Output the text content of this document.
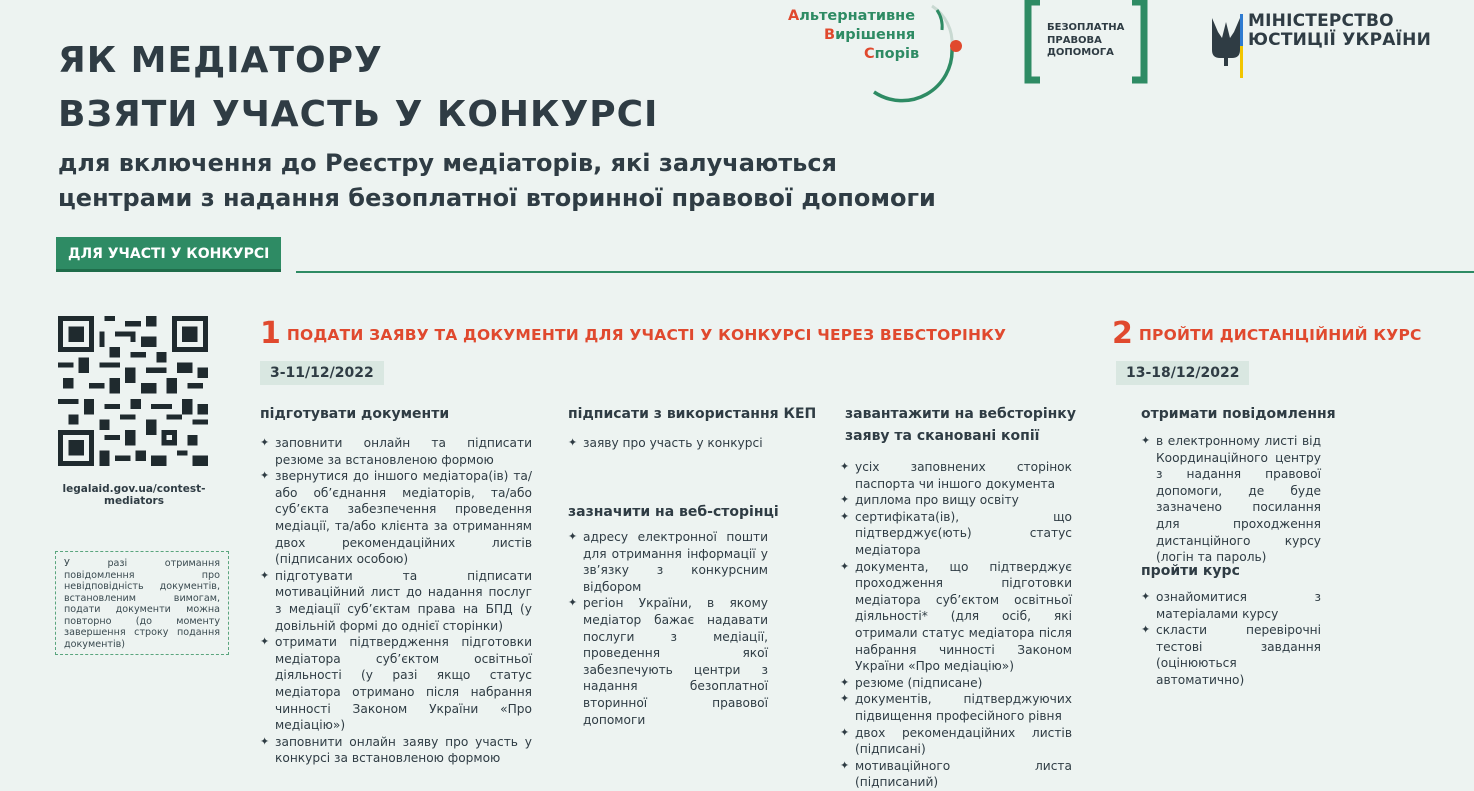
ЯК МЕДІАТОРУ
ВЗЯТИ УЧАСТЬ У КОНКУРСІ
для включення до Реєстру медіаторів, які залучаються
центрами з надання безоплатної вторинної правової допомоги
Альтернативне
Вирішення
Спорів
БЕЗОПЛАТНА
ПРАВОВА
ДОПОМОГА
МІНІСТЕРСТВО
ЮСТИЦІЇ УКРАЇНИ
ДЛЯ УЧАСТІ У КОНКУРСІ
legalaid.gov.ua/contest-mediators
У разі отримання повідомлення про невідповідність документів, встановленим вимогам, подати документи можна повторно (до моменту завершення строку подання документів)
1 ПОДАТИ ЗАЯВУ ТА ДОКУМЕНТИ ДЛЯ УЧАСТІ У КОНКУРСІ ЧЕРЕЗ ВЕБСТОРІНКУ
3-11/12/2022
підготувати документи
✦ заповнити онлайн та підписати резюме за встановленою формою
✦ звернутися до іншого медіатора(ів) та/або об’єднання медіаторів, та/або суб’єкта забезпечення проведення медіації, та/або клієнта за отриманням двох рекомендаційних листів (підписаних особою)
✦ підготувати та підписати мотиваційний лист до надання послуг з медіації суб’єктам права на БПД (у довільній формі до однієї сторінки)
✦ отримати підтвердження підготовки медіатора суб’єктом освітньої діяльності (у разі якщо статус медіатора отримано після набрання чинності Законом України «Про медіацію»)
✦ заповнити онлайн заяву про участь у конкурсі за встановленою формою
підписати з використання КЕП
✦ заяву про участь у конкурсі
зазначити на веб-сторінці
✦ адресу електронної пошти для отримання інформації у зв’язку з конкурсним відбором
✦ регіон України, в якому медіатор бажає надавати послуги з медіації, проведення якої забезпечують центри з надання безоплатної вторинної правової допомоги
завантажити на вебсторінку
заяву та скановані копії
✦ усіх заповнених сторінок паспорта чи іншого документа
✦ диплома про вищу освіту
✦ сертифіката(ів), що підтверджує(ють) статус медіатора
✦ документа, що підтверджує проходження підготовки медіатора суб’єктом освітньої діяльності* (для осіб, які отримали статус медіатора після набрання чинності Законом України «Про медіацію»)
✦ резюме (підписане)
✦ документів, підтверджуючих підвищення професійного рівня
✦ двох рекомендаційних листів (підписані)
✦ мотиваційного листа (підписаний)
2 ПРОЙТИ ДИСТАНЦІЙНИЙ КУРС
13-18/12/2022
отримати повідомлення
✦ в електронному листі від Координаційного центру з надання правової допомоги, де буде зазначено посилання для проходження дистанційного курсу (логін та пароль)
пройти курс
✦ ознайомитися з матеріалами курсу
✦ скласти перевірочні тестові завдання (оцінюються автоматично)
